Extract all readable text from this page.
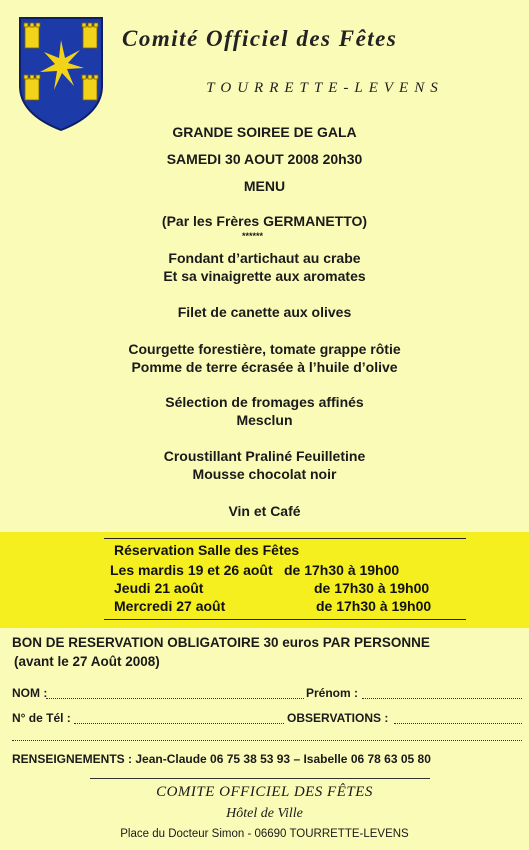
Comité Officiel des Fêtes
TOURRETTE-LEVENS
GRANDE SOIREE DE GALA
SAMEDI 30 AOUT 2008 20h30
MENU
(Par les Frères GERMANETTO)
******
Fondant d’artichaut au crabe
Et sa vinaigrette aux aromates
Filet de canette aux olives
Courgette forestière, tomate grappe rôtie
Pomme de terre écrasée à l’huile d’olive
Sélection de fromages affinés
Mesclun
Croustillant Praliné Feuilletine
Mousse chocolat noir
Vin et Café
Réservation Salle des Fêtes
Les mardis 19 et 26 août de 17h30 à 19h00
Jeudi 21 août	de 17h30 à 19h00
Mercredi 27 août	de 17h30 à 19h00
BON DE RESERVATION OBLIGATOIRE 30 euros PAR PERSONNE
(avant le 27 Août 2008)
NOM :	Prénom :
N° de Tél :	OBSERVATIONS :
RENSEIGNEMENTS : Jean-Claude 06 75 38 53 93 – Isabelle 06 78 63 05 80
COMITE OFFICIEL DES FÊTES
Hôtel de Ville
Place du Docteur Simon - 06690 TOURRETTE-LEVENS
